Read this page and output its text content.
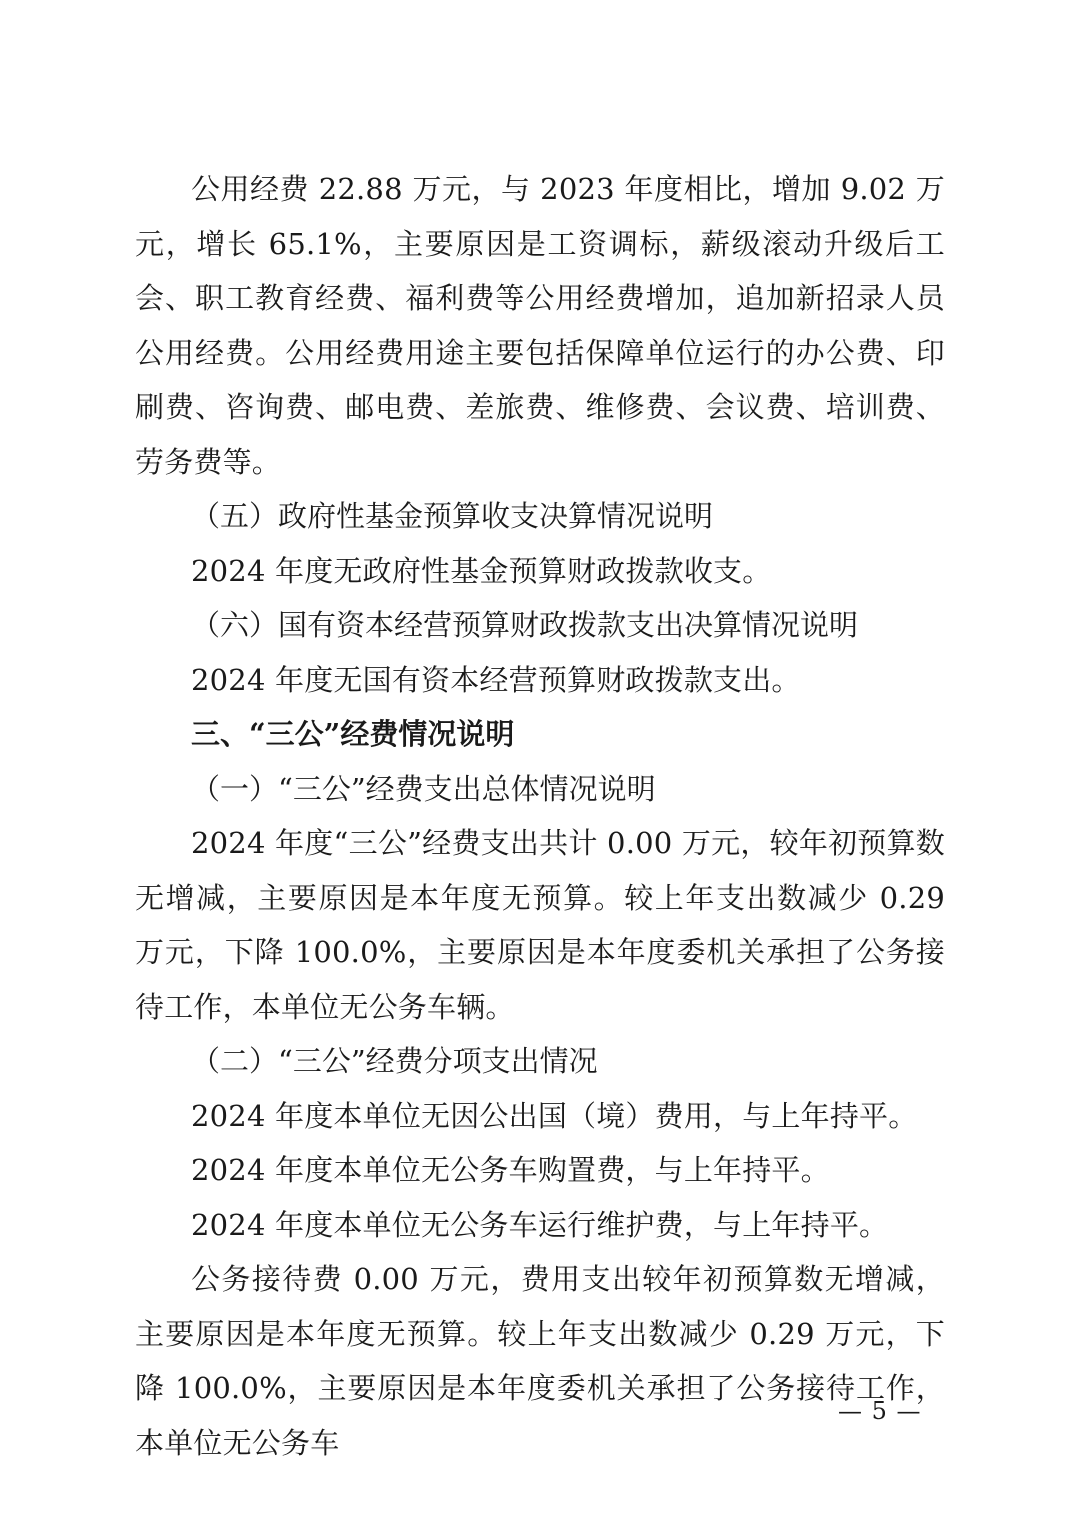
公用经费 22.88 万元，与 2023 年度相比，增加 9.02 万元，增长 65.1%，主要原因是工资调标，薪级滚动升级后工会、职工教育经费、福利费等公用经费增加，追加新招录人员公用经费。公用经费用途主要包括保障单位运行的办公费、印刷费、咨询费、邮电费、差旅费、维修费、会议费、培训费、劳务费等。

（五）政府性基金预算收支决算情况说明

2024 年度无政府性基金预算财政拨款收支。

（六）国有资本经营预算财政拨款支出决算情况说明

2024 年度无国有资本经营预算财政拨款支出。

三、“三公”经费情况说明

（一）“三公”经费支出总体情况说明

2024 年度“三公”经费支出共计 0.00 万元，较年初预算数无增减，主要原因是本年度无预算。较上年支出数减少 0.29 万元，下降 100.0%，主要原因是本年度委机关承担了公务接待工作，本单位无公务车辆。

（二）“三公”经费分项支出情况

2024 年度本单位无因公出国（境）费用，与上年持平。

2024 年度本单位无公务车购置费，与上年持平。

2024 年度本单位无公务车运行维护费，与上年持平。

公务接待费 0.00 万元，费用支出较年初预算数无增减，主要原因是本年度无预算。较上年支出数减少 0.29 万元，下降 100.0%，主要原因是本年度委机关承担了公务接待工作，本单位无公务车

— 5 —
